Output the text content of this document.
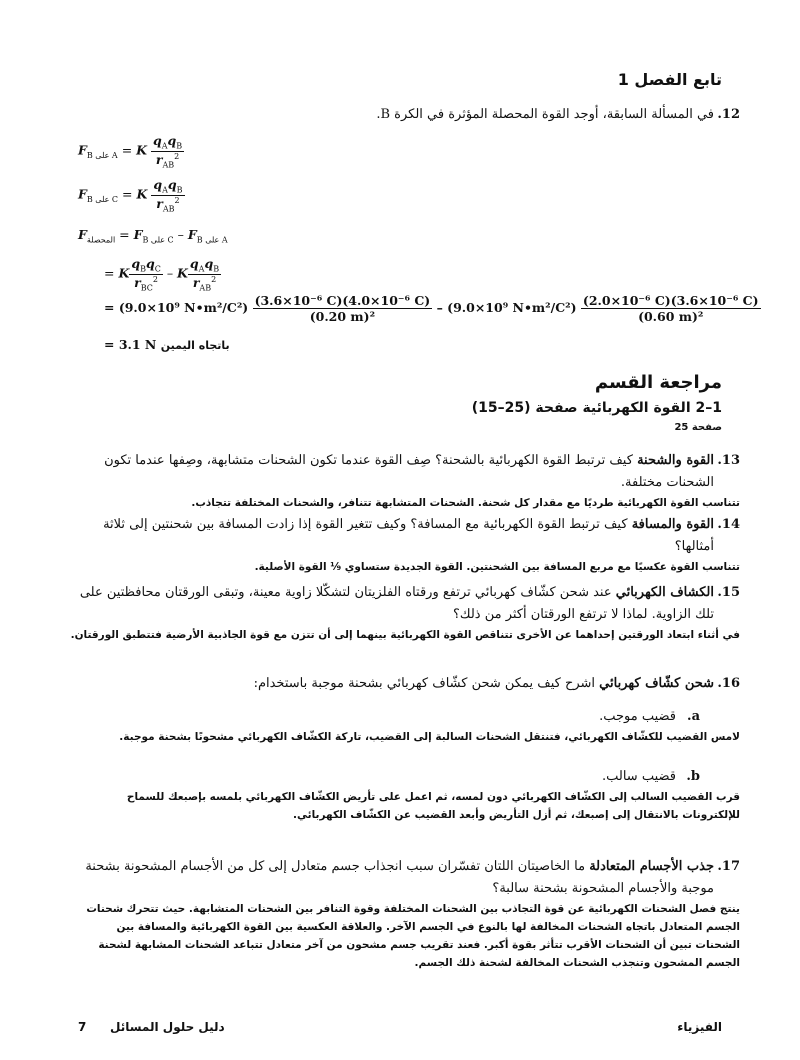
تابع الفصل 1
12.
في المسألة السابقة، أوجد القوة المحصلة المؤثرة في الكرة B.
$F_{B على A} = K \frac{q_Aq_B}{r_{AB}^2}$
$F_{B على C} = K \frac{q_Aq_B}{r_{AB}^2}$
$F_{المحصلة} = F_{B على C} - F_{B على A}$
= K $\frac{q_Bq_C}{r_{BC}^2}$ – K $\frac{q_Aq_B}{r_{AB}^2}$
= (9.0×10⁹ N•m²/C²) $\frac{\text{(3.6×10⁻⁶ C)(4.0×10⁻⁶ C)}}{\text{(0.20 m)²}} - (9.0\times 10^9$ N•m²/C²) $\frac{\text{(2.0×10⁻⁶ C)(3.6×10⁻⁶ C)}}{\text{(0.60 m)²}}$
= 3.1 N باتجاه اليمين
مراجعة القسم
1–2 القوة الكهربائية صفحة (25–15)
صفحة 25
13.
القوة والشحنة كيف ترتبط القوة الكهربائية بالشحنة؟ صِف القوة عندما تكون الشحنات متشابهة، وصِفها عندما تكون الشحنات مختلفة.
تتناسب القوة الكهربائية طرديًا مع مقدار كل شحنة. الشحنات المتشابهة تتنافر، والشحنات المختلفة تتجاذب.
14.
القوة والمسافة كيف ترتبط القوة الكهربائية مع المسافة؟ وكيف تتغير القوة إذا زادت المسافة بين شحنتين إلى ثلاثة أمثالها؟
تتناسب القوة عكسيًا مع مربع المسافة بين الشحنتين. القوة الجديدة ستساوي ⅑ القوة الأصلية.
15.
الكشاف الكهربائي عند شحن كشّاف كهربائي ترتفع ورقتاه الفلزيتان لتشكّلا زاوية معينة، وتبقى الورقتان محافظتين على تلك الزاوية. لماذا لا ترتفع الورقتان أكثر من ذلك؟
في أثناء ابتعاد الورقتين إحداهما عن الأخرى تتناقص القوة الكهربائية بينهما إلى أن تتزن مع قوة الجاذبية الأرضية فتتطبق الورقتان.
16.
شحن كشّاف كهربائي اشرح كيف يمكن شحن كشّاف كهربائي بشحنة موجبة باستخدام:
a.
قضيب موجب.
لامس القضيب للكشّاف الكهربائي، فتنتقل الشحنات السالبة إلى القضيب، تاركة الكشّاف الكهربائي مشحونًا بشحنة موجبة.
b.
قضيب سالب.
قرب القضيب السالب إلى الكشّاف الكهربائي دون لمسه، ثم اعمل على تأريض الكشّاف الكهربائي بلمسه بإصبعك للسماح للإلكترونات بالانتقال إلى إصبعك، ثم أزل التأريض وأبعد القضيب عن الكشّاف الكهربائي.
17.
جذب الأجسام المتعادلة ما الخاصيتان اللتان تفسّران سبب انجذاب جسم متعادل إلى كل من الأجسام المشحونة بشحنة موجبة والأجسام المشحونة بشحنة سالبة؟
ينتج فصل الشحنات الكهربائية عن قوة التجاذب بين الشحنات المختلفة وقوة التنافر بين الشحنات المتشابهة. حيث تتحرك شحنات الجسم المتعادل باتجاه الشحنات المخالفة لها بالنوع في الجسم الآخر. والعلاقة العكسية بين القوة الكهربائية والمسافة بين الشحنات تبين أن الشحنات الأقرب تتأثر بقوة أكبر. فعند تقريب جسم مشحون من آخر متعادل تتباعد الشحنات المشابهة لشحنة الجسم المشحون وتنجذب الشحنات المخالفة لشحنة ذلك الجسم.
7 دليل حلول المسائل	الفيزياء
